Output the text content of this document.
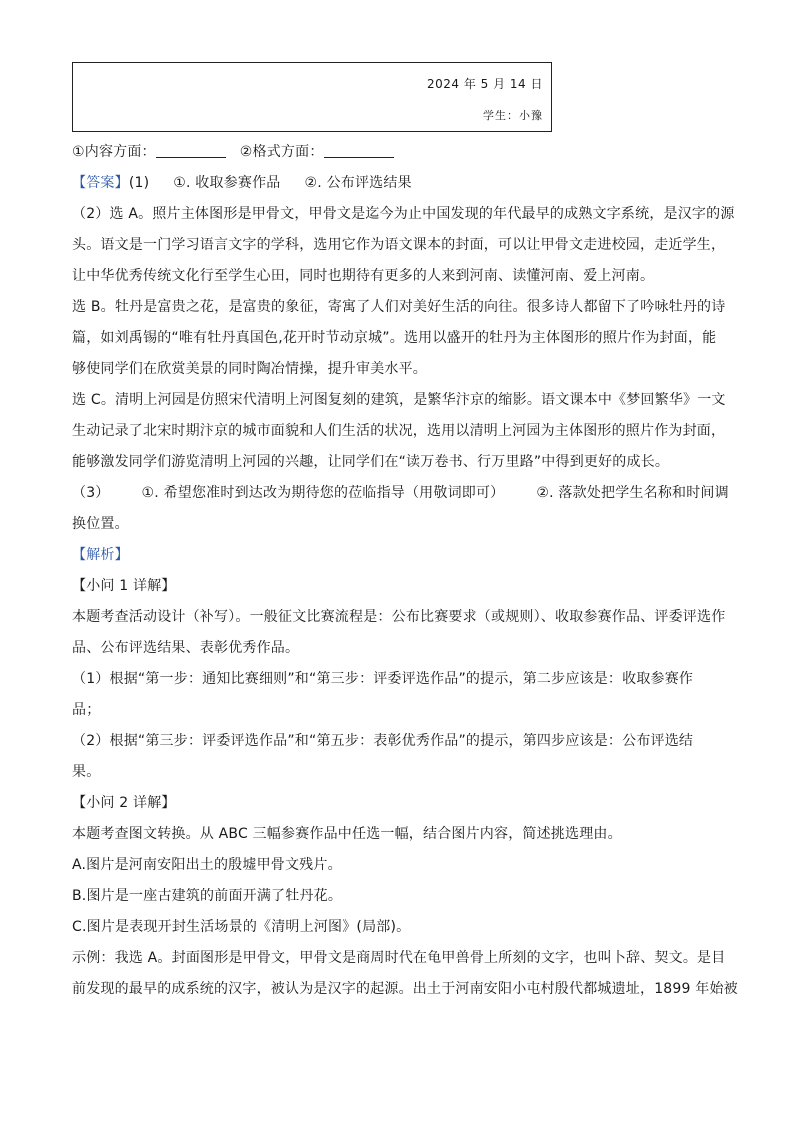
2024 年 5 月 14 日
学生：小豫
①内容方面：	②格式方面：
【答案】(1) ①. 收取参赛作品 ②. 公布评选结果
（2）选 A。照片主体图形是甲骨文，甲骨文是迄今为止中国发现的年代最早的成熟文字系统，是汉字的源
头。语文是一门学习语言文字的学科，选用它作为语文课本的封面，可以让甲骨文走进校园，走近学生，
让中华优秀传统文化行至学生心田，同时也期待有更多的人来到河南、读懂河南、爱上河南。
选 B。牡丹是富贵之花，是富贵的象征，寄寓了人们对美好生活的向往。很多诗人都留下了吟咏牡丹的诗
篇，如刘禹锡的“唯有牡丹真国色,花开时节动京城”。选用以盛开的牡丹为主体图形的照片作为封面，能
够使同学们在欣赏美景的同时陶冶情操，提升审美水平。
选 C。清明上河园是仿照宋代清明上河图复刻的建筑，是繁华汴京的缩影。语文课本中《梦回繁华》一文
生动记录了北宋时期汴京的城市面貌和人们生活的状况，选用以清明上河园为主体图形的照片作为封面，
能够激发同学们游览清明上河园的兴趣，让同学们在“读万卷书、行万里路”中得到更好的成长。
（3） ①. 希望您准时到达改为期待您的莅临指导（用敬词即可） ②. 落款处把学生名称和时间调
换位置。
【解析】
【小问 1 详解】
本题考查活动设计（补写）。一般征文比赛流程是：公布比赛要求（或规则）、收取参赛作品、评委评选作
品、公布评选结果、表彰优秀作品。
（1）根据“第一步：通知比赛细则”和“第三步：评委评选作品”的提示，第二步应该是：收取参赛作
品；
（2）根据“第三步：评委评选作品”和“第五步：表彰优秀作品”的提示，第四步应该是：公布评选结
果。
【小问 2 详解】
本题考查图文转换。从 ABC 三幅参赛作品中任选一幅，结合图片内容，简述挑选理由。
A.图片是河南安阳出土的殷墟甲骨文残片。
B.图片是一座古建筑的前面开满了牡丹花。
C.图片是表现开封生活场景的《清明上河图》(局部)。
示例：我选 A。封面图形是甲骨文，甲骨文是商周时代在龟甲兽骨上所刻的文字，也叫卜辞、契文。是目
前发现的最早的成系统的汉字，被认为是汉字的起源。出土于河南安阳小屯村殷代都城遗址，1899 年始被
